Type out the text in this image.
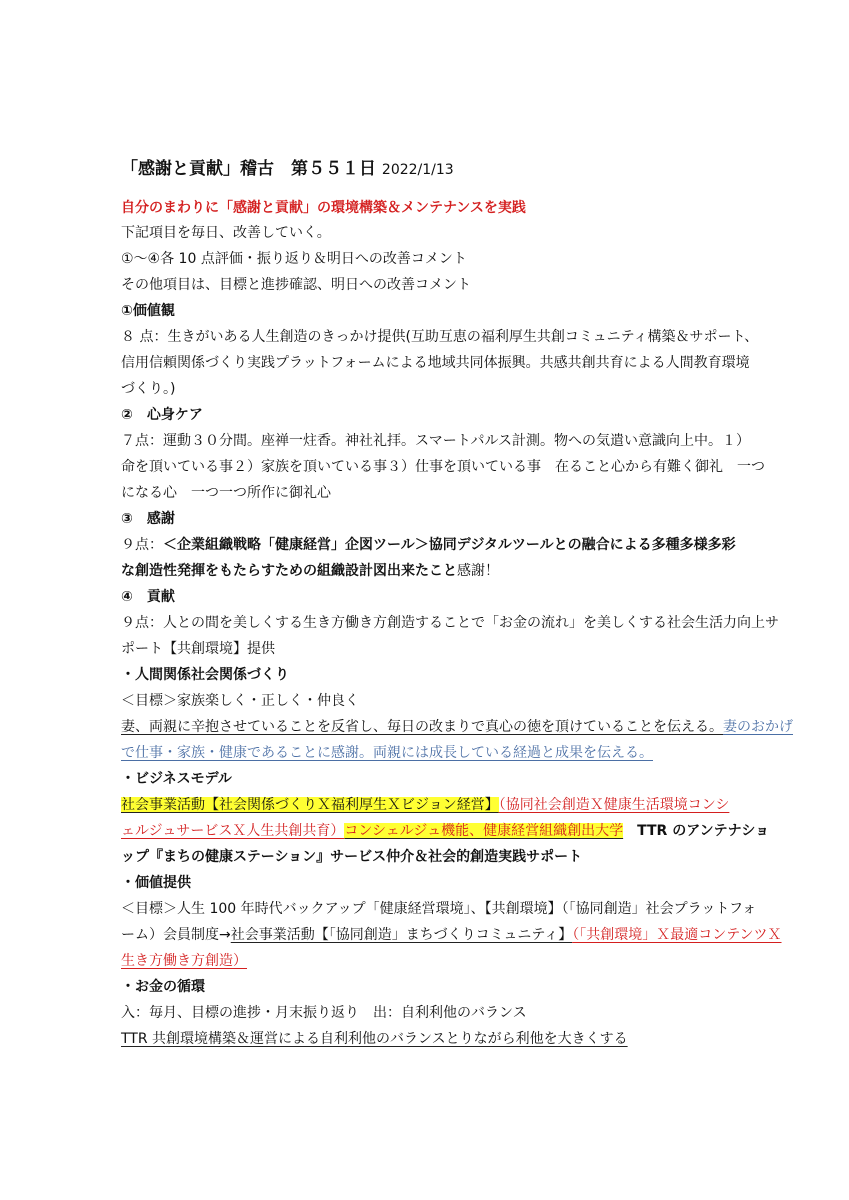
「感謝と貢献」稽古　第５５１日 2022/1/13
自分のまわりに「感謝と貢献」の環境構築＆メンテナンスを実践
下記項目を毎日、改善していく。
①～④各 10 点評価・振り返り＆明日への改善コメント
その他項目は、目標と進捗確認、明日への改善コメント
①価値観
８ 点：生きがいある人生創造のきっかけ提供(互助互恵の福利厚生共創コミュニティ構築＆サポート、
信用信頼関係づくり実践プラットフォームによる地域共同体振興。共感共創共育による人間教育環境
づくり。)
②　心身ケア
７点：運動３０分間。座禅一炷香。神社礼拝。スマートパルス計測。物への気遣い意識向上中。１）
命を頂いている事２）家族を頂いている事３）仕事を頂いている事　在ること心から有難く御礼　一つ
になる心　一つ一つ所作に御礼心
③　感謝
９点：＜企業組織戦略「健康経営」企図ツール＞協同デジタルツールとの融合による多種多様多彩
な創造性発揮をもたらすための組織設計図出来たこと感謝！
④　貢献
９点：人との間を美しくする生き方働き方創造することで「お金の流れ」を美しくする社会生活力向上サ
ポート【共創環境】提供
・人間関係社会関係づくり
＜目標＞家族楽しく・正しく・仲良く
妻、両親に辛抱させていることを反省し、毎日の改まりで真心の徳を頂けていることを伝える。妻のおかげ
で仕事・家族・健康であることに感謝。両親には成長している経過と成果を伝える。
・ビジネスモデル
社会事業活動【社会関係づくりＸ福利厚生Ｘビジョン経営】（協同社会創造Ｘ健康生活環境コンシ
ェルジュサービスＸ人生共創共育）コンシェルジュ機能、健康経営組織創出大学　 TTR のアンテナショ
ップ『まちの健康ステーション』サービス仲介＆社会的創造実践サポート
・価値提供
＜目標＞人生 100 年時代バックアップ「健康経営環境」、【共創環境】（「協同創造」社会プラットフォ
ーム）会員制度→社会事業活動【「協同創造」まちづくりコミュニティ】（「共創環境」Ｘ最適コンテンツＸ
生き方働き方創造）
・お金の循環
入：毎月、目標の進捗・月末振り返り　出：自利利他のバランス
TTR 共創環境構築＆運営による自利利他のバランスとりながら利他を大きくする
